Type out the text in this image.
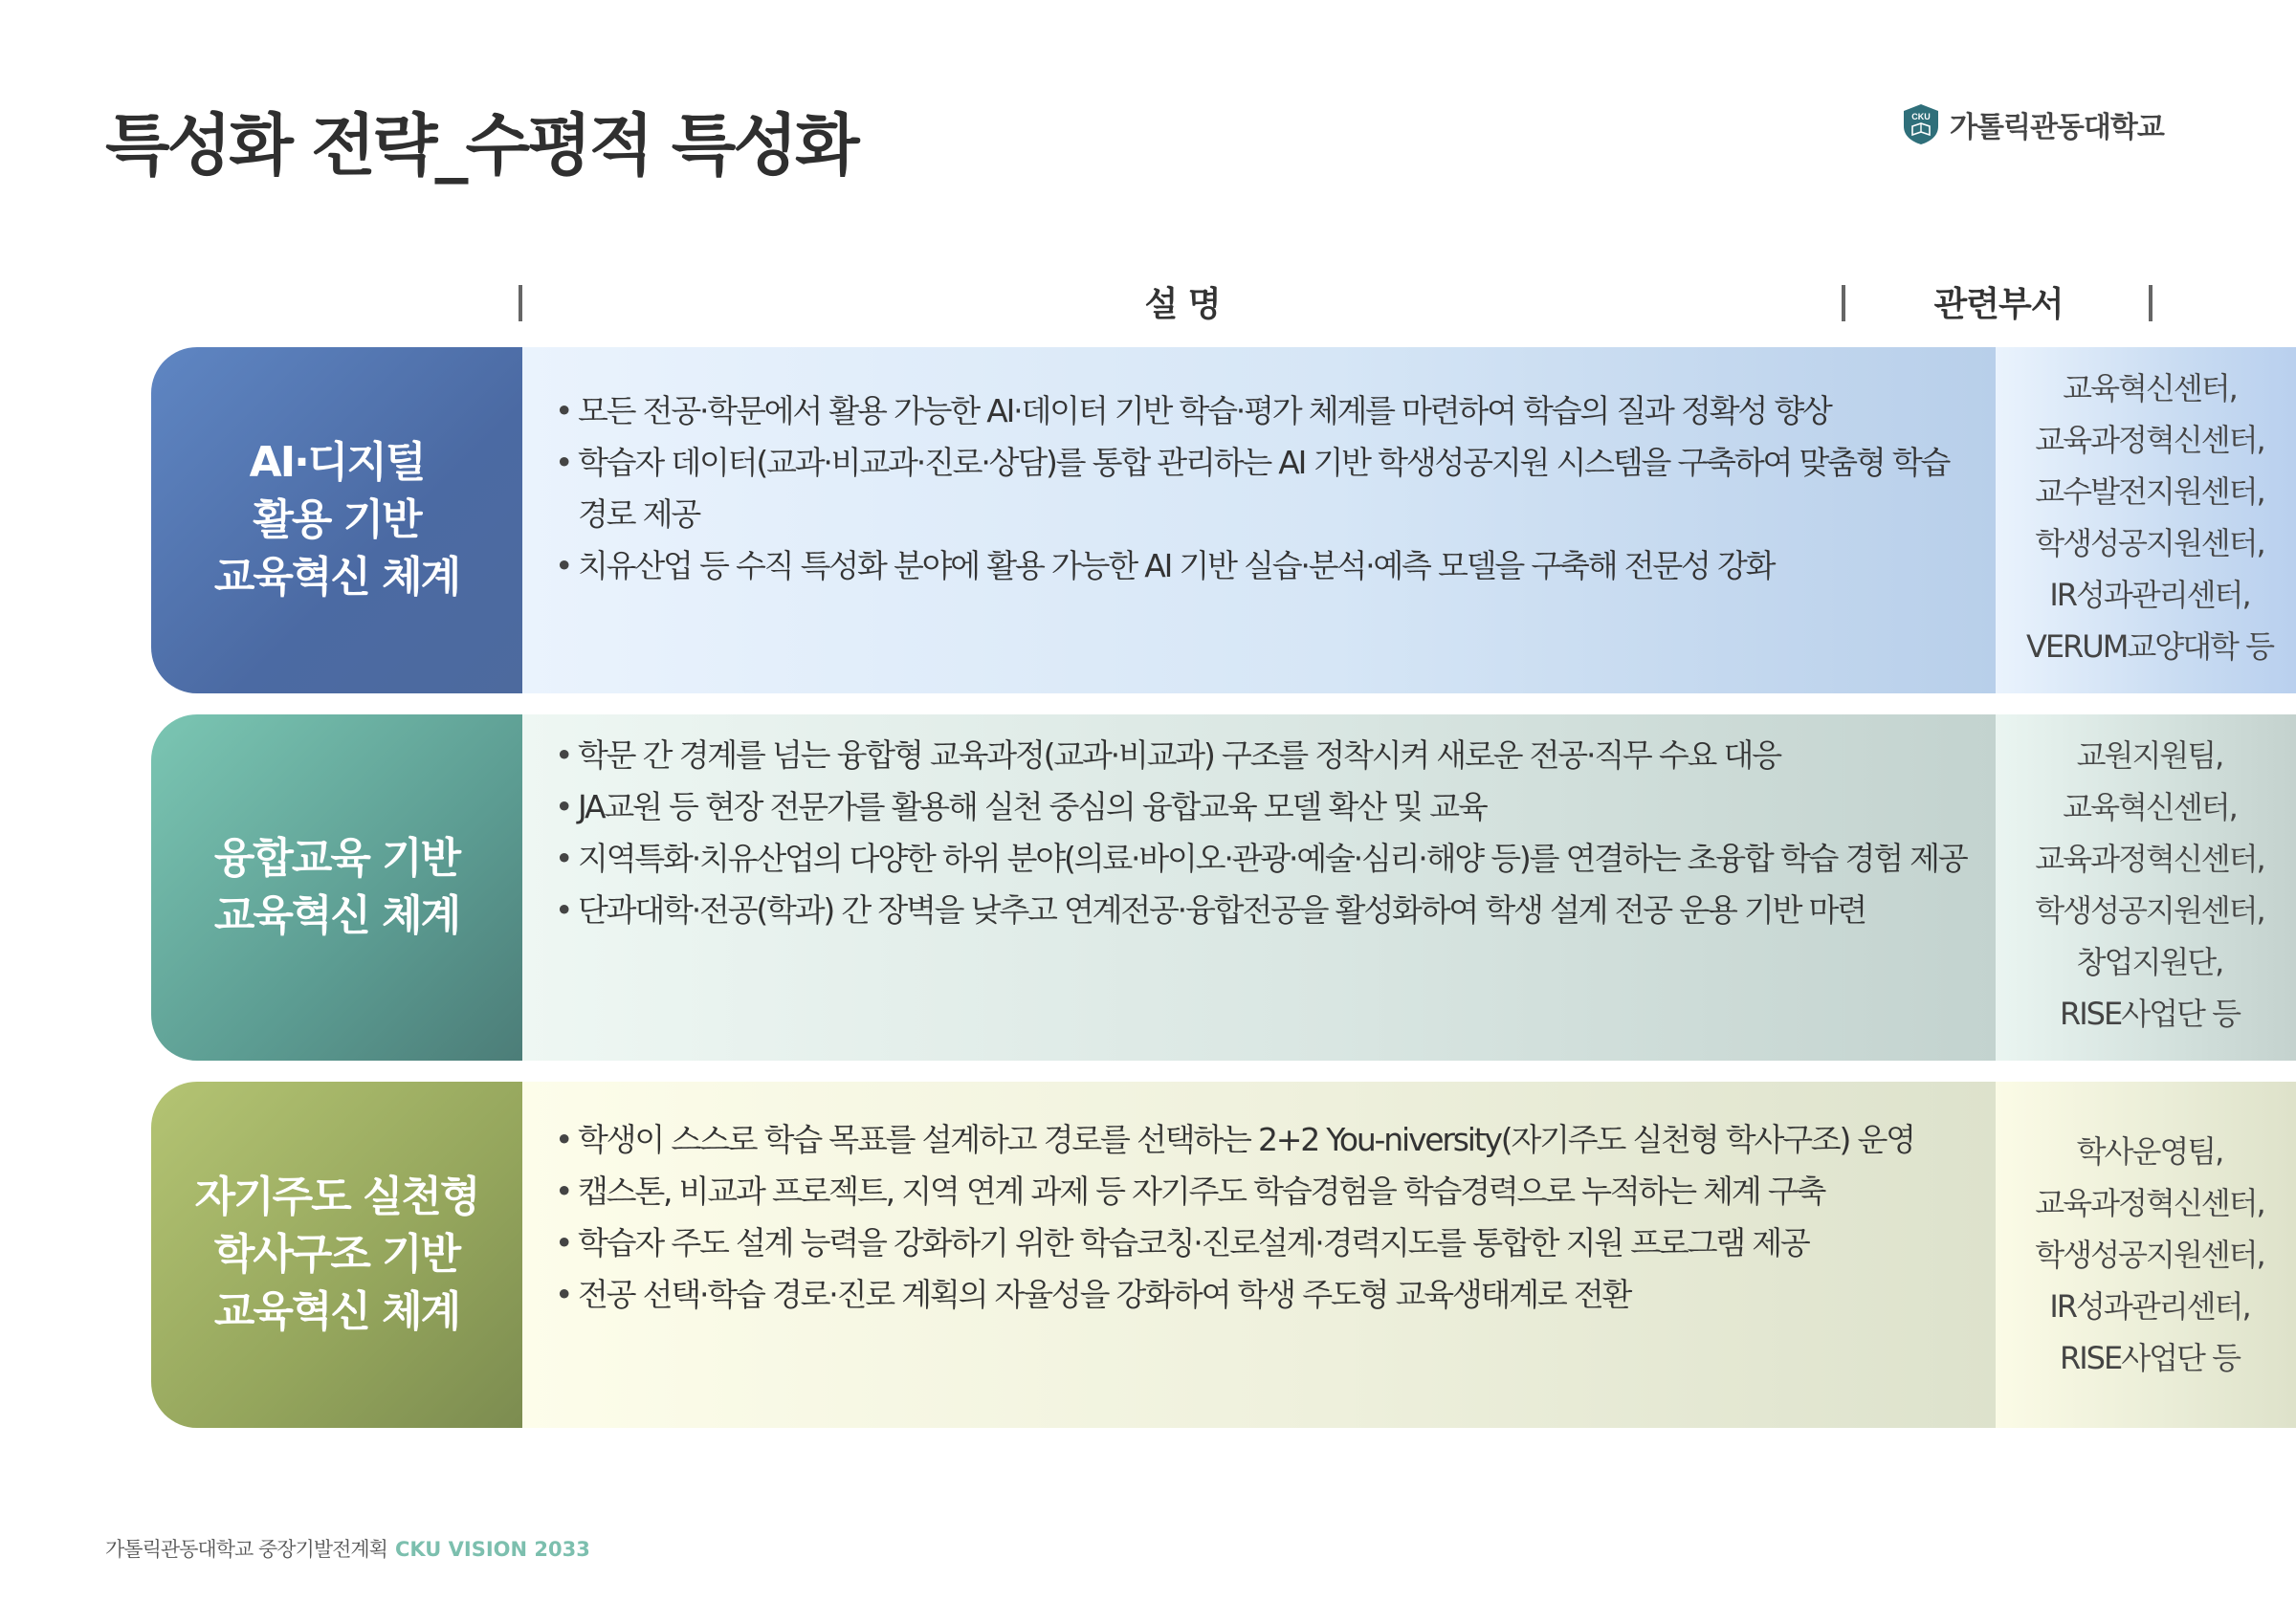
특성화 전략_수평적 특성화	CKU 가톨릭관동대학교
설 명	관련부서
AI·디지털
활용 기반
교육혁신 체계
• 모든 전공·학문에서 활용 가능한 AI·데이터 기반 학습·평가 체계를 마련하여 학습의 질과 정확성 향상
• 학습자 데이터(교과·비교과·진로·상담)를 통합 관리하는 AI 기반 학생성공지원 시스템을 구축하여 맞춤형 학습경로 제공
• 치유산업 등 수직 특성화 분야에 활용 가능한 AI 기반 실습·분석·예측 모델을 구축해 전문성 강화
교육혁신센터,
교육과정혁신센터,
교수발전지원센터,
학생성공지원센터,
IR성과관리센터,
VERUM교양대학 등
융합교육 기반
교육혁신 체계
• 학문 간 경계를 넘는 융합형 교육과정(교과·비교과) 구조를 정착시켜 새로운 전공·직무 수요 대응
• JA교원 등 현장 전문가를 활용해 실천 중심의 융합교육 모델 확산 및 교육
• 지역특화·치유산업의 다양한 하위 분야(의료·바이오·관광·예술·심리·해양 등)를 연결하는 초융합 학습 경험 제공
• 단과대학·전공(학과) 간 장벽을 낮추고 연계전공·융합전공을 활성화하여 학생 설계 전공 운용 기반 마련
교원지원팀,
교육혁신센터,
교육과정혁신센터,
학생성공지원센터,
창업지원단,
RISE사업단 등
자기주도 실천형
학사구조 기반
교육혁신 체계
• 학생이 스스로 학습 목표를 설계하고 경로를 선택하는 2+2 You-niversity(자기주도 실천형 학사구조) 운영
• 캡스톤, 비교과 프로젝트, 지역 연계 과제 등 자기주도 학습경험을 학습경력으로 누적하는 체계 구축
• 학습자 주도 설계 능력을 강화하기 위한 학습코칭·진로설계·경력지도를 통합한 지원 프로그램 제공
• 전공 선택·학습 경로·진로 계획의 자율성을 강화하여 학생 주도형 교육생태계로 전환
학사운영팀,
교육과정혁신센터,
학생성공지원센터,
IR성과관리센터,
RISE사업단 등
가톨릭관동대학교 중장기발전계획 CKU VISION 2033
